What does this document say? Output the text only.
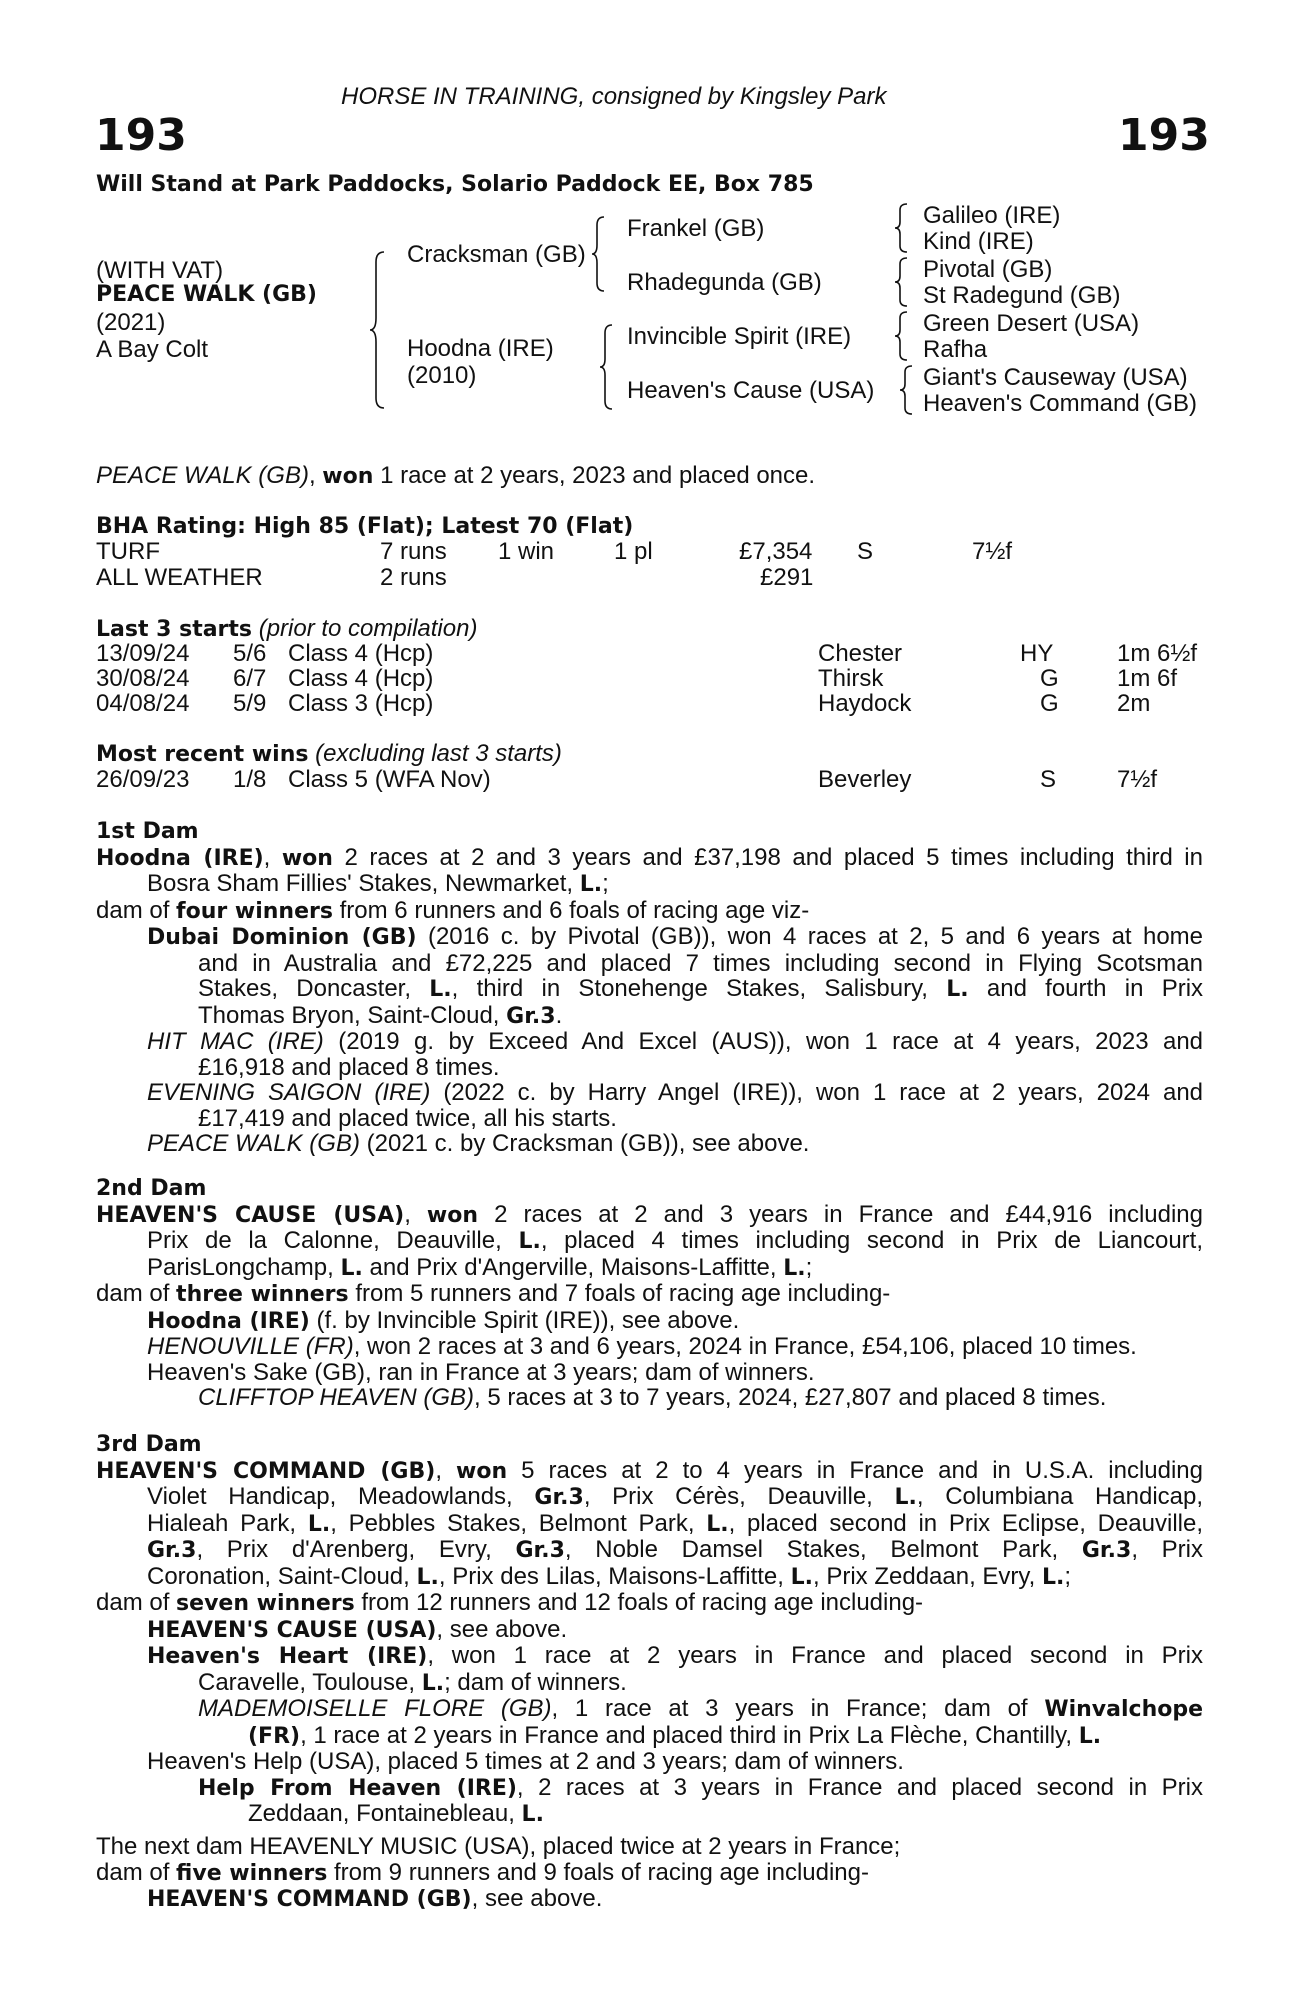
HORSE IN TRAINING, consigned by Kingsley Park
193	193
Will Stand at Park Paddocks, Solario Paddock EE, Box 785
(WITH VAT)
PEACE WALK (GB)
(2021)
A Bay Colt
Cracksman (GB)
Hoodna (IRE)
(2010)
Frankel (GB)
Rhadegunda (GB)
Invincible Spirit (IRE)
Heaven's Cause (USA)
Galileo (IRE)
Kind (IRE)
Pivotal (GB)
St Radegund (GB)
Green Desert (USA)
Rafha
Giant's Causeway (USA)
Heaven's Command (GB)
PEACE WALK (GB), won 1 race at 2 years, 2023 and placed once.
BHA Rating: High 85 (Flat); Latest 70 (Flat)
TURF	7 runs 1 win 1 pl	£7,354 S	7½f
ALL WEATHER	2 runs	£291
Last 3 starts (prior to compilation)
13/09/24 5/6 Class 4 (Hcp)	Chester	HY	1m 6½f
30/08/24 6/7 Class 4 (Hcp)	Thirsk	G 1m 6f
04/08/24 5/9 Class 3 (Hcp)	Haydock	G 2m
Most recent wins (excluding last 3 starts)
26/09/23 1/8 Class 5 (WFA Nov)	Beverley	S	7½f
1st Dam
Hoodna (IRE), won 2 races at 2 and 3 years and £37,198 and placed 5 times including third in
Bosra Sham Fillies' Stakes, Newmarket, L.;
dam of four winners from 6 runners and 6 foals of racing age viz-
Dubai Dominion (GB) (2016 c. by Pivotal (GB)), won 4 races at 2, 5 and 6 years at home
and in Australia and £72,225 and placed 7 times including second in Flying Scotsman
Stakes, Doncaster, L., third in Stonehenge Stakes, Salisbury, L. and fourth in Prix
Thomas Bryon, Saint-Cloud, Gr.3.
HIT MAC (IRE) (2019 g. by Exceed And Excel (AUS)), won 1 race at 4 years, 2023 and
£16,918 and placed 8 times.
EVENING SAIGON (IRE) (2022 c. by Harry Angel (IRE)), won 1 race at 2 years, 2024 and
£17,419 and placed twice, all his starts.
PEACE WALK (GB) (2021 c. by Cracksman (GB)), see above.
2nd Dam
HEAVEN'S CAUSE (USA), won 2 races at 2 and 3 years in France and £44,916 including
Prix de la Calonne, Deauville, L., placed 4 times including second in Prix de Liancourt,
ParisLongchamp, L. and Prix d'Angerville, Maisons-Laffitte, L.;
dam of three winners from 5 runners and 7 foals of racing age including-
Hoodna (IRE) (f. by Invincible Spirit (IRE)), see above.
HENOUVILLE (FR), won 2 races at 3 and 6 years, 2024 in France, £54,106, placed 10 times.
Heaven's Sake (GB), ran in France at 3 years; dam of winners.
CLIFFTOP HEAVEN (GB), 5 races at 3 to 7 years, 2024, £27,807 and placed 8 times.
3rd Dam
HEAVEN'S COMMAND (GB), won 5 races at 2 to 4 years in France and in U.S.A. including
Violet Handicap, Meadowlands, Gr.3, Prix Cérès, Deauville, L., Columbiana Handicap,
Hialeah Park, L., Pebbles Stakes, Belmont Park, L., placed second in Prix Eclipse, Deauville,
Gr.3, Prix d'Arenberg, Evry, Gr.3, Noble Damsel Stakes, Belmont Park, Gr.3, Prix
Coronation, Saint-Cloud, L., Prix des Lilas, Maisons-Laffitte, L., Prix Zeddaan, Evry, L.;
dam of seven winners from 12 runners and 12 foals of racing age including-
HEAVEN'S CAUSE (USA), see above.
Heaven's Heart (IRE), won 1 race at 2 years in France and placed second in Prix
Caravelle, Toulouse, L.; dam of winners.
MADEMOISELLE FLORE (GB), 1 race at 3 years in France; dam of Winvalchope
(FR), 1 race at 2 years in France and placed third in Prix La Flèche, Chantilly, L.
Heaven's Help (USA), placed 5 times at 2 and 3 years; dam of winners.
Help From Heaven (IRE), 2 races at 3 years in France and placed second in Prix
Zeddaan, Fontainebleau, L.
The next dam HEAVENLY MUSIC (USA), placed twice at 2 years in France;
dam of five winners from 9 runners and 9 foals of racing age including-
HEAVEN'S COMMAND (GB), see above.
